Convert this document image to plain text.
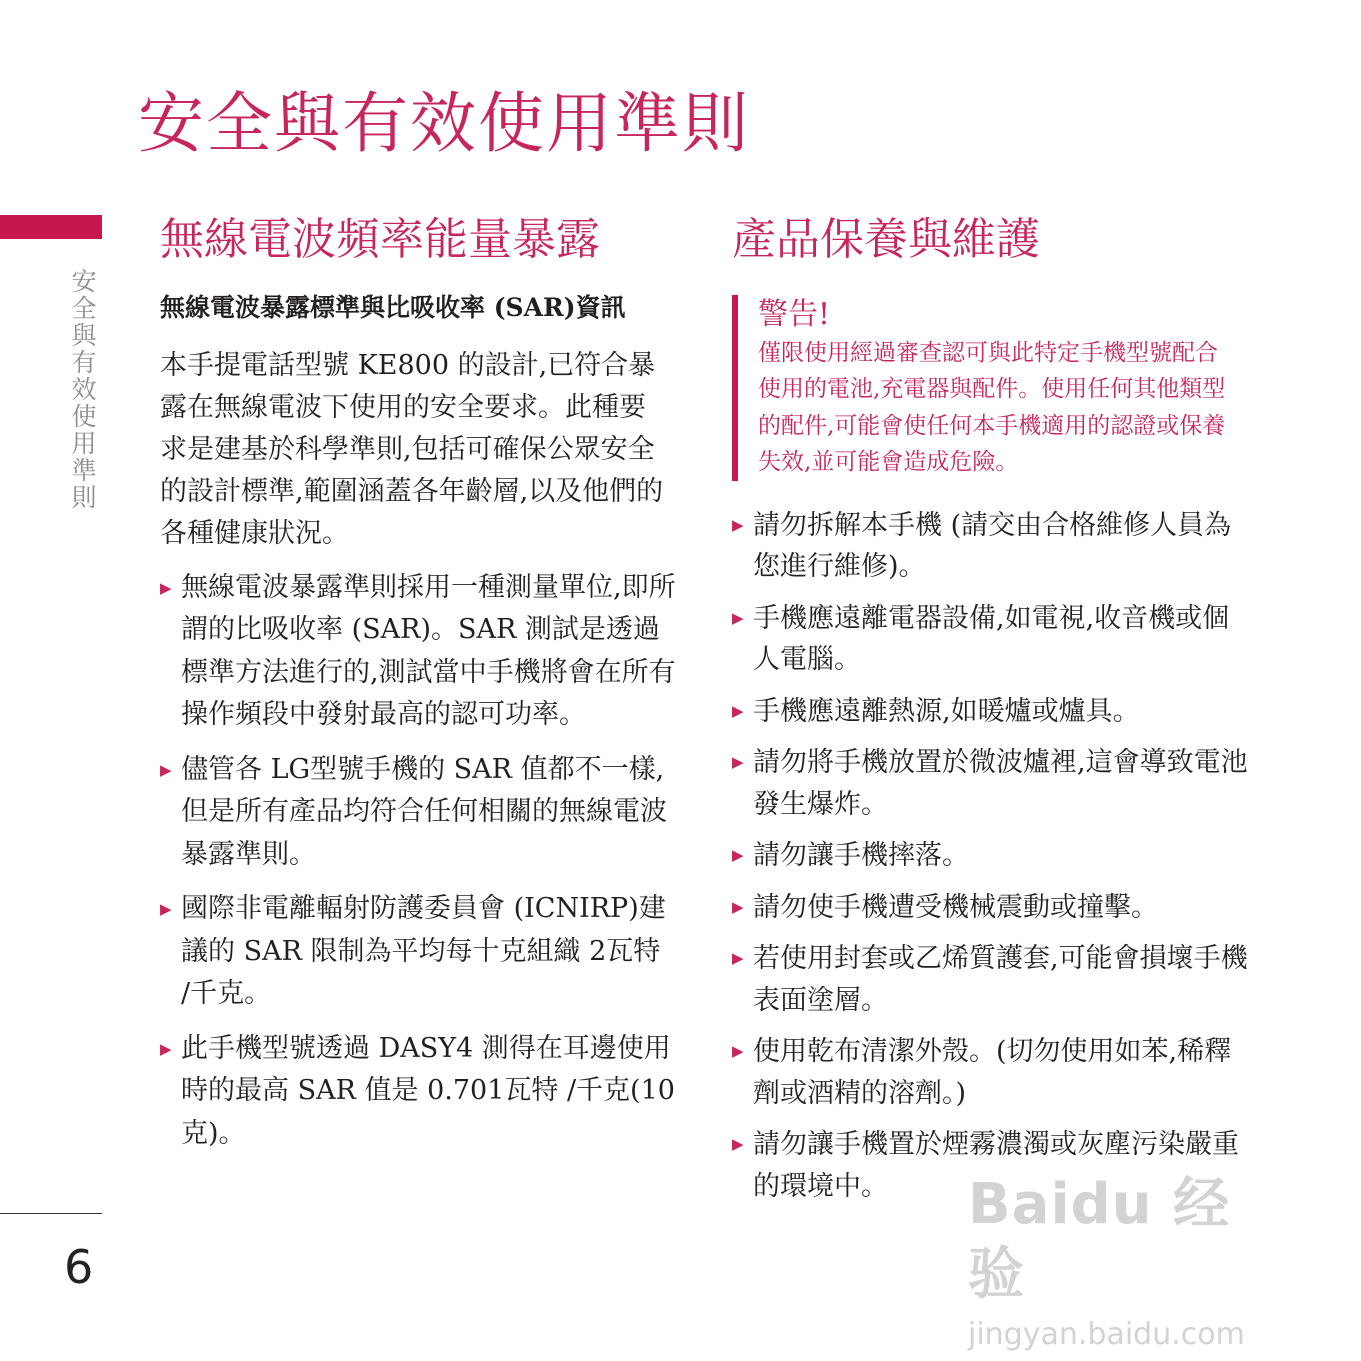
安全與有效使用準則
安全與有效使用準則
6
無線電波頻率能量暴露
無線電波暴露標準與比吸收率 (SAR)資訊

本手提電話型號 KE800 的設計,已符合暴露在無線電波下使用的安全要求。此種要求是建基於科學準則,包括可確保公眾安全的設計標準,範圍涵蓋各年齡層,以及他們的各種健康狀況。

▶ 無線電波暴露準則採用一種測量單位,即所謂的比吸收率 (SAR)。SAR 測試是透過標準方法進行的,測試當中手機將會在所有操作頻段中發射最高的認可功率。
▶ 儘管各 LG型號手機的 SAR 值都不一樣,但是所有產品均符合任何相關的無線電波暴露準則。
▶ 國際非電離輻射防護委員會 (ICNIRP)建議的 SAR 限制為平均每十克組織 2瓦特 /千克。
▶ 此手機型號透過 DASY4 測得在耳邊使用時的最高 SAR 值是 0.701瓦特 /千克(10 克)。
產品保養與維護
警告!
僅限使用經過審查認可與此特定手機型號配合使用的電池,充電器與配件。使用任何其他類型的配件,可能會使任何本手機適用的認證或保養失效,並可能會造成危險。
▶ 請勿拆解本手機 (請交由合格維修人員為您進行維修)。
▶ 手機應遠離電器設備,如電視,收音機或個人電腦。
▶ 手機應遠離熱源,如暖爐或爐具。
▶ 請勿將手機放置於微波爐裡,這會導致電池發生爆炸。
▶ 請勿讓手機摔落。
▶ 請勿使手機遭受機械震動或撞擊。
▶ 若使用封套或乙烯質護套,可能會損壞手機表面塗層。
▶ 使用乾布清潔外殼。(切勿使用如苯,稀釋劑或酒精的溶劑。)
▶ 請勿讓手機置於煙霧濃濁或灰塵污染嚴重的環境中。	Baidu 经验
jingyan.baidu.com
